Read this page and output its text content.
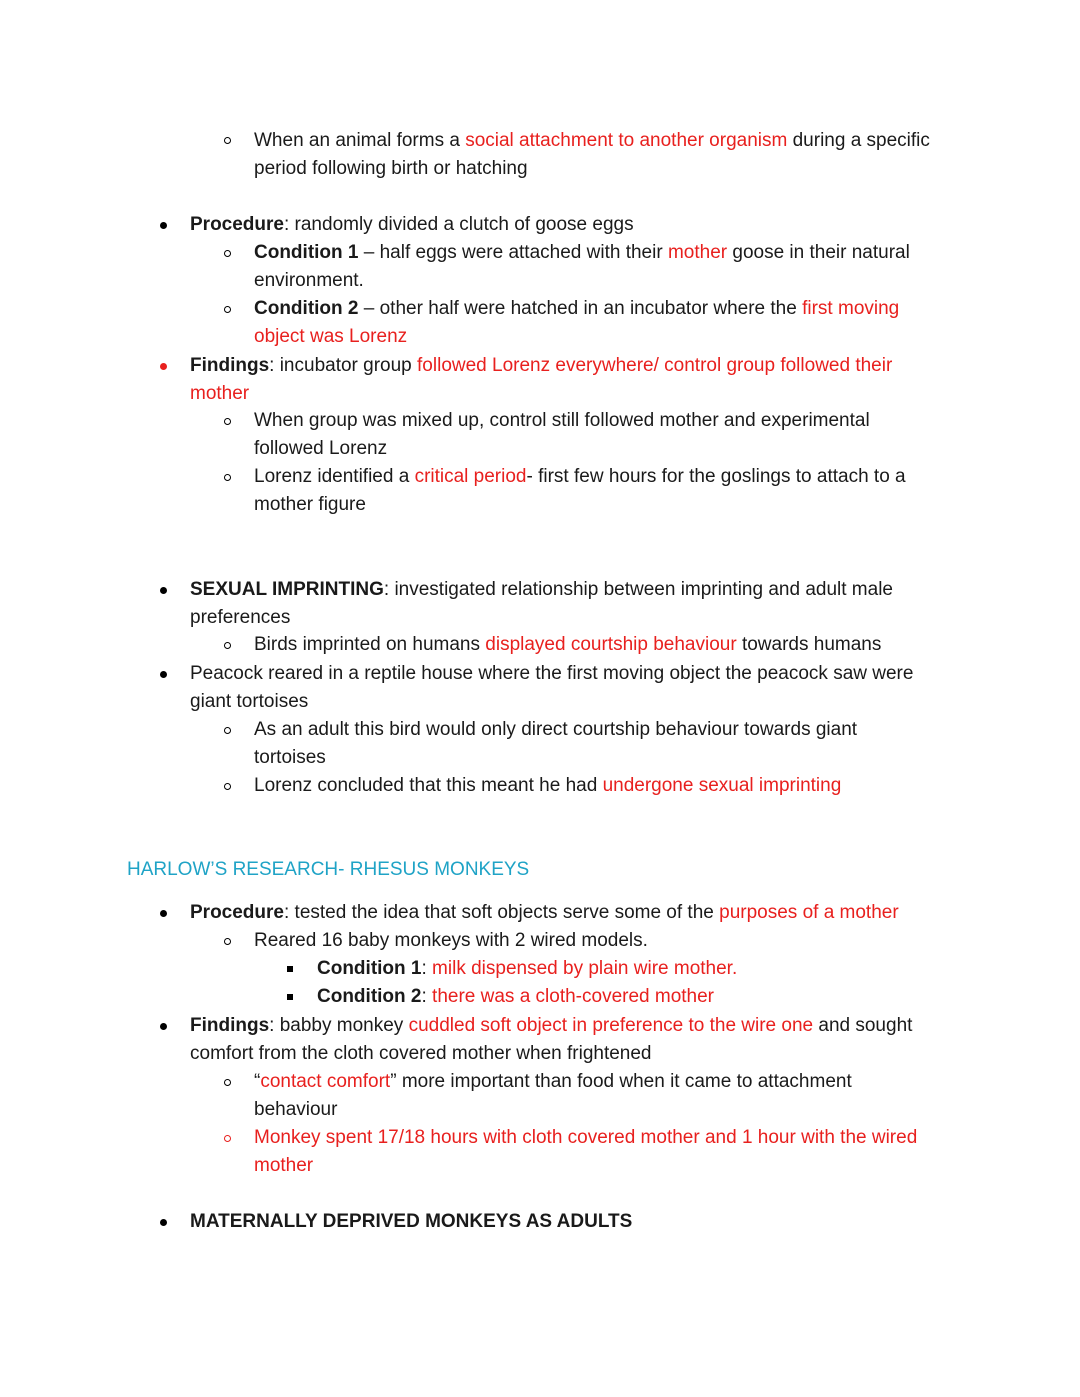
When an animal forms a social attachment to another organism during a specific
period following birth or hatching
Procedure: randomly divided a clutch of goose eggs
Condition 1 – half eggs were attached with their mother goose in their natural
environment.
Condition 2 – other half were hatched in an incubator where the first moving
object was Lorenz
Findings: incubator group followed Lorenz everywhere/ control group followed their
mother
When group was mixed up, control still followed mother and experimental
followed Lorenz
Lorenz identified a critical period- first few hours for the goslings to attach to a
mother figure
SEXUAL IMPRINTING: investigated relationship between imprinting and adult male
preferences
Birds imprinted on humans displayed courtship behaviour towards humans
Peacock reared in a reptile house where the first moving object the peacock saw were
giant tortoises
As an adult this bird would only direct courtship behaviour towards giant
tortoises
Lorenz concluded that this meant he had undergone sexual imprinting
HARLOW’S RESEARCH- RHESUS MONKEYS
Procedure: tested the idea that soft objects serve some of the purposes of a mother
Reared 16 baby monkeys with 2 wired models.
Condition 1: milk dispensed by plain wire mother.
Condition 2: there was a cloth-covered mother
Findings: babby monkey cuddled soft object in preference to the wire one and sought
comfort from the cloth covered mother when frightened
“contact comfort” more important than food when it came to attachment
behaviour
Monkey spent 17/18 hours with cloth covered mother and 1 hour with the wired
mother
MATERNALLY DEPRIVED MONKEYS AS ADULTS
